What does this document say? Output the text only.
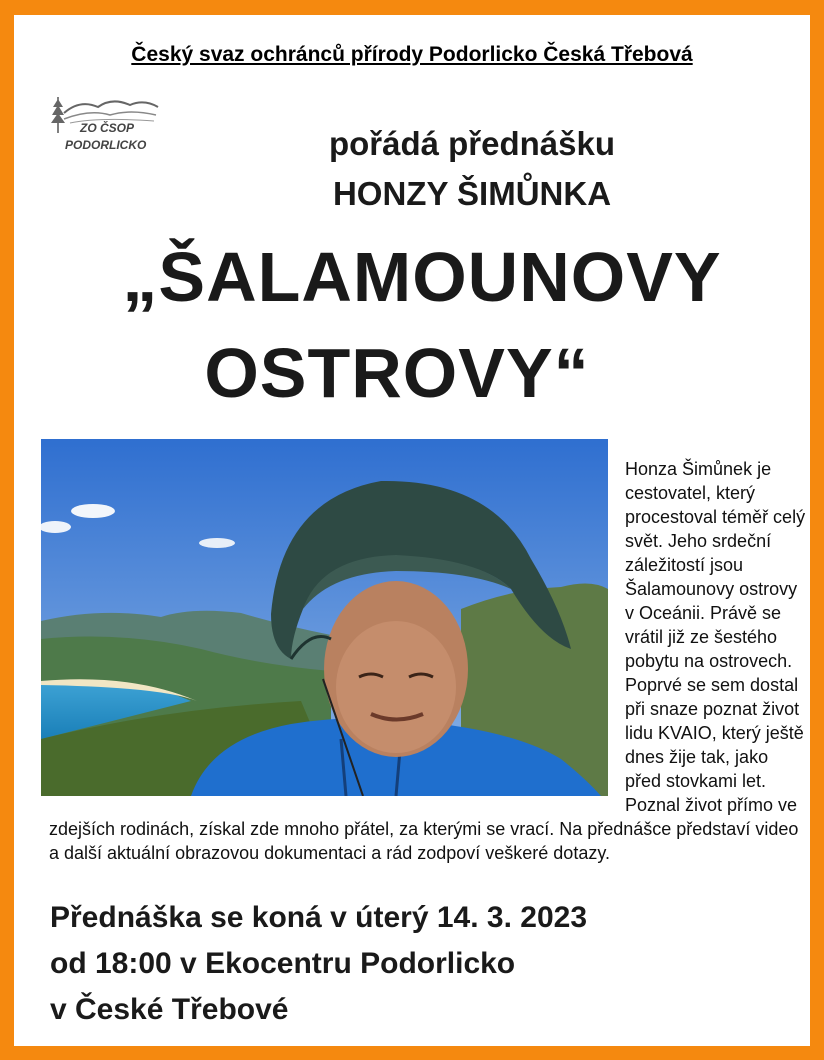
Český svaz ochránců přírody Podorlicko Česká Třebová
ZO ČSOP
PODORLICKO	pořádá přednášku
HONZY ŠIMŮNKA
„ŠALAMOUNOVY
OSTROVY“
Honza Šimůnek je cestovatel, který procestoval téměř celý svět. Jeho srdeční záležitostí jsou Šalamounovy ostrovy v Oceánii. Právě se vrátil již ze šestého pobytu na ostrovech. Poprvé se sem dostal při snaze poznat život lidu KVAIO, který ještě dnes žije tak, jako před stovkami let. Poznal život přímo ve zdejších rodinách, získal zde mnoho přátel, za kterými se vrací. Na přednášce představí video a další aktuální obrazovou dokumentaci a rád zodpoví veškeré dotazy.
Přednáška se koná v úterý 14. 3. 2023
od 18:00 v Ekocentru Podorlicko
v České Třebové
